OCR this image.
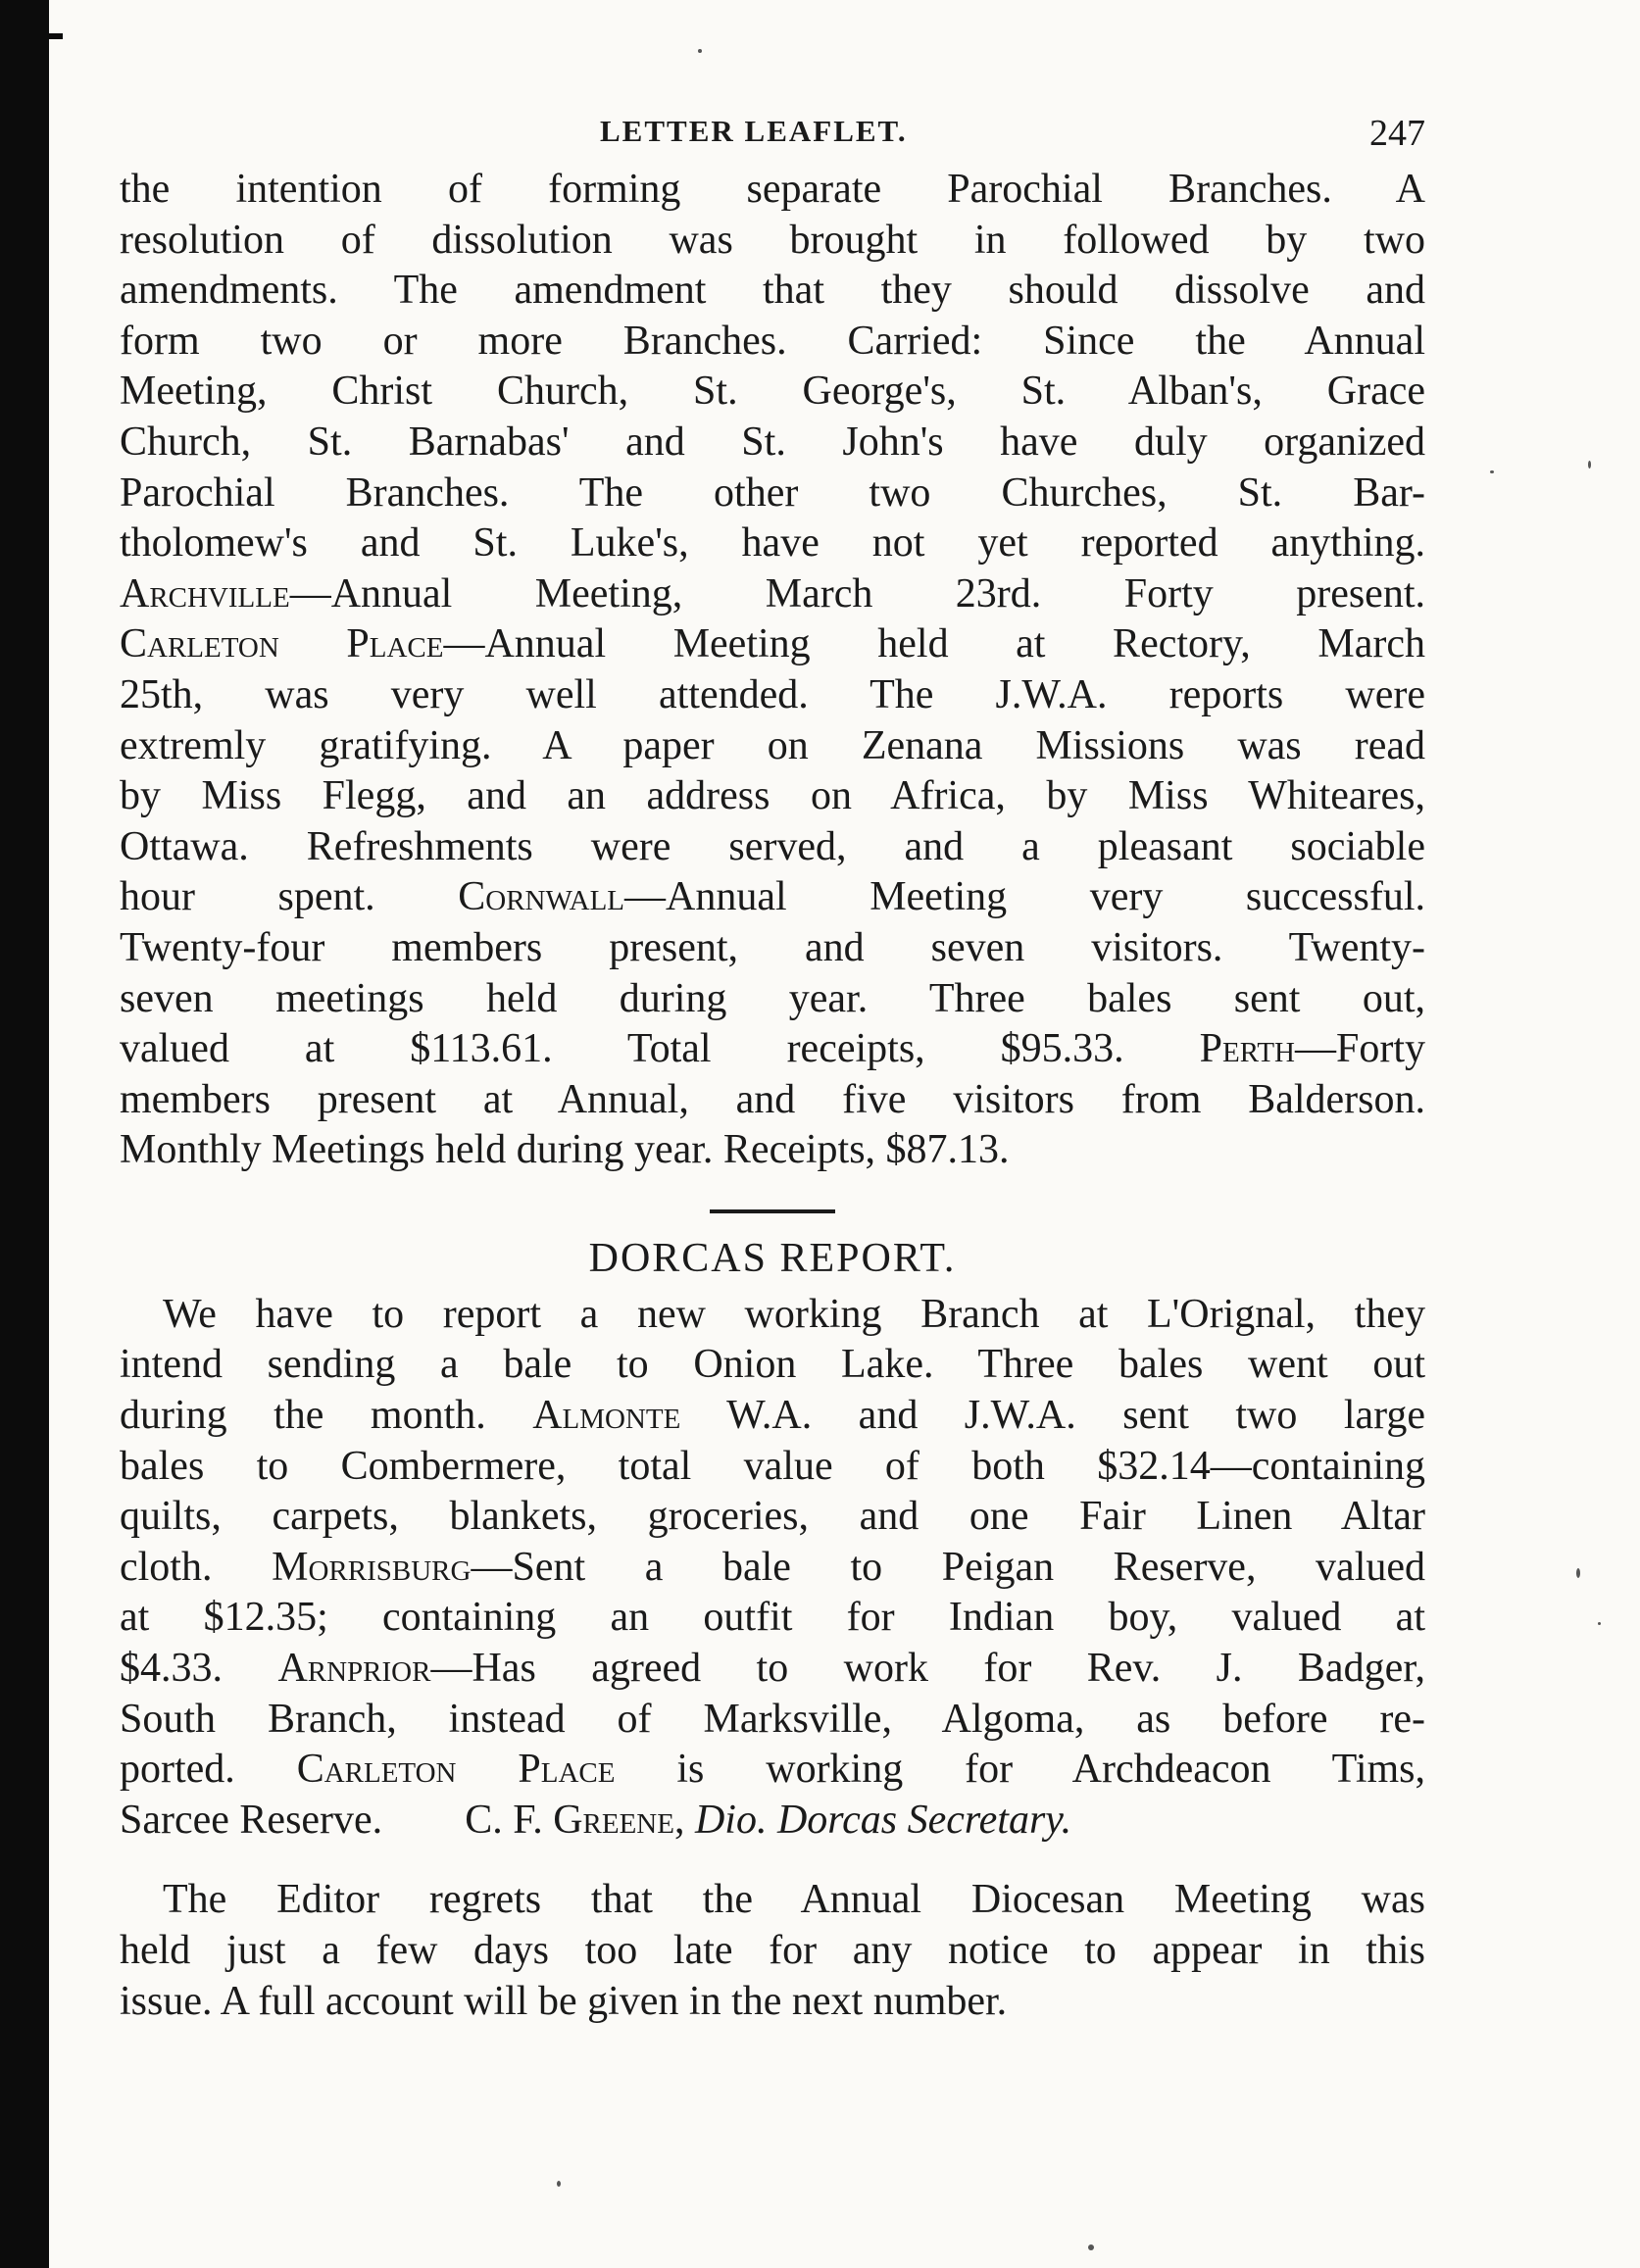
LETTER LEAFLET.	247

the intention of forming separate Parochial Branches. A
resolution of dissolution was brought in followed by two
amendments. The amendment that they should dissolve and
form two or more Branches. Carried: Since the Annual
Meeting, Christ Church, St. George's, St. Alban's, Grace
Church, St. Barnabas' and St. John's have duly organized
Parochial Branches. The other two Churches, St. Bar-
tholomew's and St. Luke's, have not yet reported anything.
Archville—Annual Meeting, March 23rd. Forty present.
Carleton Place—Annual Meeting held at Rectory, March
25th, was very well attended. The J.W.A. reports were
extremly gratifying. A paper on Zenana Missions was read
by Miss Flegg, and an address on Africa, by Miss Whiteares,
Ottawa. Refreshments were served, and a pleasant sociable
hour spent. Cornwall—Annual Meeting very successful.
Twenty-four members present, and seven visitors. Twenty-
seven meetings held during year. Three bales sent out,
valued at $113.61. Total receipts, $95.33. Perth—Forty
members present at Annual, and five visitors from Balderson.
Monthly Meetings held during year. Receipts, $87.13.

DORCAS REPORT.

We have to report a new working Branch at L'Orignal, they
intend sending a bale to Onion Lake. Three bales went out
during the month. Almonte W.A. and J.W.A. sent two large
bales to Combermere, total value of both $32.14—containing
quilts, carpets, blankets, groceries, and one Fair Linen Altar
cloth. Morrisburg—Sent a bale to Peigan Reserve, valued
at $12.35; containing an outfit for Indian boy, valued at
$4.33. Arnprior—Has agreed to work for Rev. J. Badger,
South Branch, instead of Marksville, Algoma, as before re-
ported. Carleton Place is working for Archdeacon Tims,
Sarcee Reserve. C. F. Greene, Dio. Dorcas Secretary.

The Editor regrets that the Annual Diocesan Meeting was
held just a few days too late for any notice to appear in this
issue. A full account will be given in the next number.
